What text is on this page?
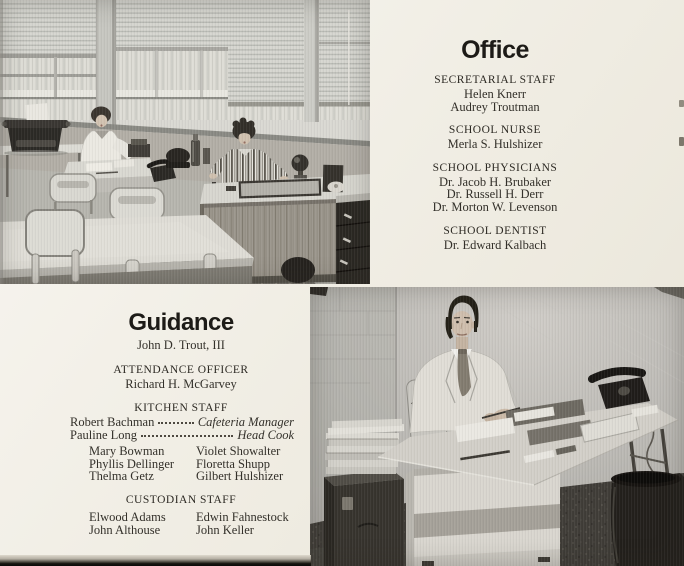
Office
SECRETARIAL STAFF
Helen Knerr
Audrey Troutman
SCHOOL NURSE
Merla S. Hulshizer
SCHOOL PHYSICIANS
Dr. Jacob H. Brubaker
Dr. Russell H. Derr
Dr. Morton W. Levenson
SCHOOL DENTIST
Dr. Edward Kalbach
Guidance
John D. Trout, III
ATTENDANCE OFFICER
Richard H. McGarvey
KITCHEN STAFF
Robert Bachman	Cafeteria Manager
Pauline Long	Head Cook
Mary Bowman
Phyllis Dellinger
Thelma Getz
Violet Showalter
Floretta Shupp
Gilbert Hulshizer
CUSTODIAN STAFF
Elwood Adams
John Althouse
Edwin Fahnestock
John Keller
